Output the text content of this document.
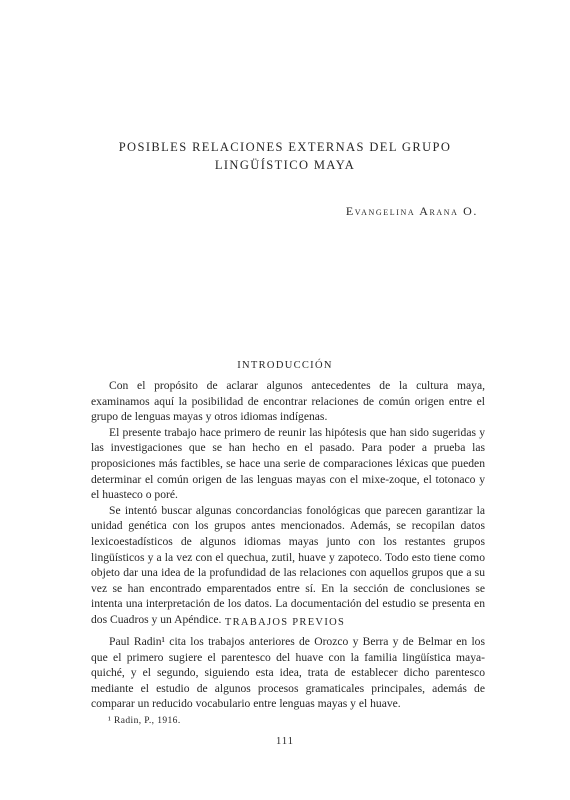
POSIBLES RELACIONES EXTERNAS DEL GRUPO
LINGÜÍSTICO MAYA
Evangelina Arana O.
INTRODUCCIÓN

Con el propósito de aclarar algunos antecedentes de la cultura maya, examinamos aquí la posibilidad de encontrar relaciones de común origen entre el grupo de lenguas mayas y otros idiomas indígenas.

El presente trabajo hace primero de reunir las hipótesis que han sido sugeridas y las investigaciones que se han hecho en el pasado. Para poder a prueba las proposiciones más factibles, se hace una serie de comparaciones léxicas que pueden determinar el común origen de las lenguas mayas con el mixe-zoque, el totonaco y el huasteco o poré.

Se intentó buscar algunas concordancias fonológicas que parecen garantizar la unidad genética con los grupos antes mencionados. Además, se recopilan datos lexicoestadísticos de algunos idiomas mayas junto con los restantes grupos lingüísticos y a la vez con el quechua, zutil, huave y zapoteco. Todo esto tiene como objeto dar una idea de la profundidad de las relaciones con aquellos grupos que a su vez se han encontrado emparentados entre sí. En la sección de conclusiones se intenta una interpretación de los datos. La documentación del estudio se presenta en dos Cuadros y un Apéndice. TRABAJOS PREVIOS

Paul Radin¹ cita los trabajos anteriores de Orozco y Berra y de Belmar en los que el primero sugiere el parentesco del huave con la familia lingüística maya-quiché, y el segundo, siguiendo esta idea, trata de establecer dicho parentesco mediante el estudio de algunos procesos gramaticales principales, además de comparar un reducido vocabulario entre lenguas mayas y el huave.

¹ Radin, P., 1916.
111
